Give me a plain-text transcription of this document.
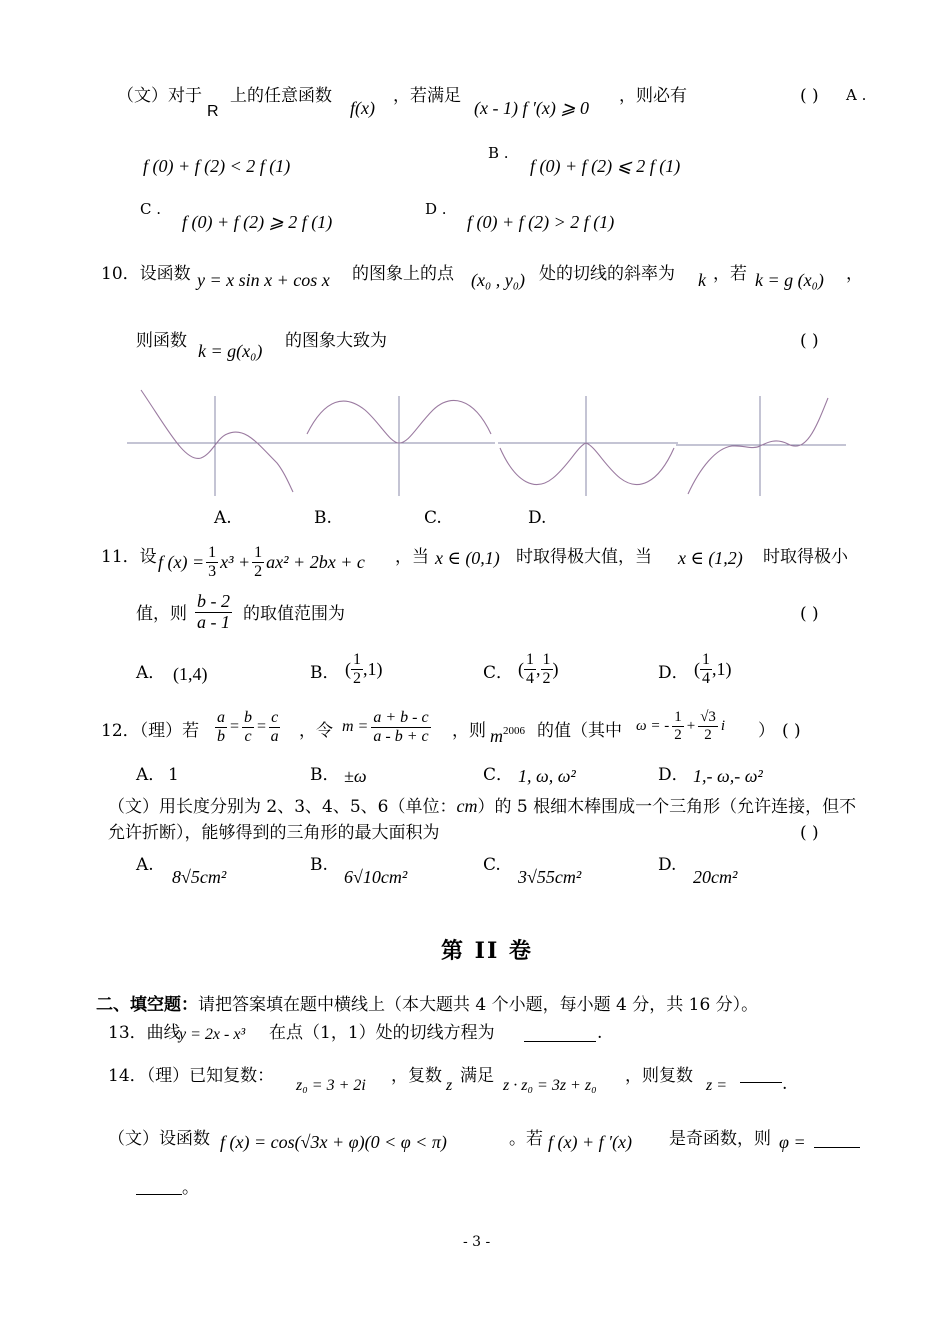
（文）对于
R
上的任意函数
f(x)
，若满足
(x - 1) f ′(x) ⩾ 0
，则必有	( ) A .
f (0) + f (2) < 2 f (1)
B .
f (0) + f (2) ⩽ 2 f (1)
C .
f (0) + f (2) ⩾ 2 f (1)
D .
f (0) + f (2) > 2 f (1)
10．设函数 y = x sin x + cos x 的图象上的点 (x₀ , y₀) 处的切线的斜率为 k ，若 k = g (x₀) ，
则函数 k = g(x₀) 的图象大致为	( )
A.	B.	C.	D.
11．设 f $(x) = \frac{1}{3} x^3 + \frac{1}{2} ax^2 + 2bx + c$ ，当 x ∈ (0,1) 时取得极大值，当 x ∈ (1,2) 时取得极小
值，则 $\frac{b - 2}{a - 1}$ 的取值范围为	( )
A． (1,4)	B． ( $\frac{1}{2} ,1$)	C． ( $\frac{1}{4}$ , $\frac{1}{2}$ )	D． ( $\frac{1}{4} ,1$)
12．（理）若 $\frac{a}{b} = \frac{b}{c} = \frac{c}{a}$ ，令 $m = \frac{a + b - c}{a - b + c}$ ，则 $m^{2006}$ 的值（其中 ω = - $\frac{1}{2} + \frac{√3}{2}$ i ） ( )
A． 1	B． ±ω	C． 1, ω, ω²	D． 1,- ω,- ω²
（文）用长度分别为 2、3、4、5、6（单位：cm）的 5 根细木棒围成一个三角形（允许连接，但不
允许折断），能够得到的三角形的最大面积为	( )
A.
8√5cm²
B.
6√10cm²
C.
3√55cm²
D.
20cm²
第 II 卷
二、填空题：请把答案填在题中横线上（本大题共 4 个小题，每小题 4 分，共 16 分）。
13．曲线
y = 2x - x³ 在点（1，1）处的切线方程为	.
14．（理）已知复数： z₀ = 3 + 2i ，复数 z 满足 z · z₀ = 3z + z₀ ，则复数 z =	.
（文）设函数 f (x) = cos(√3x + φ)(0 < φ < π)	。若 f (x) + f ′(x) 是奇函数，则 φ =
。
- 3 -
